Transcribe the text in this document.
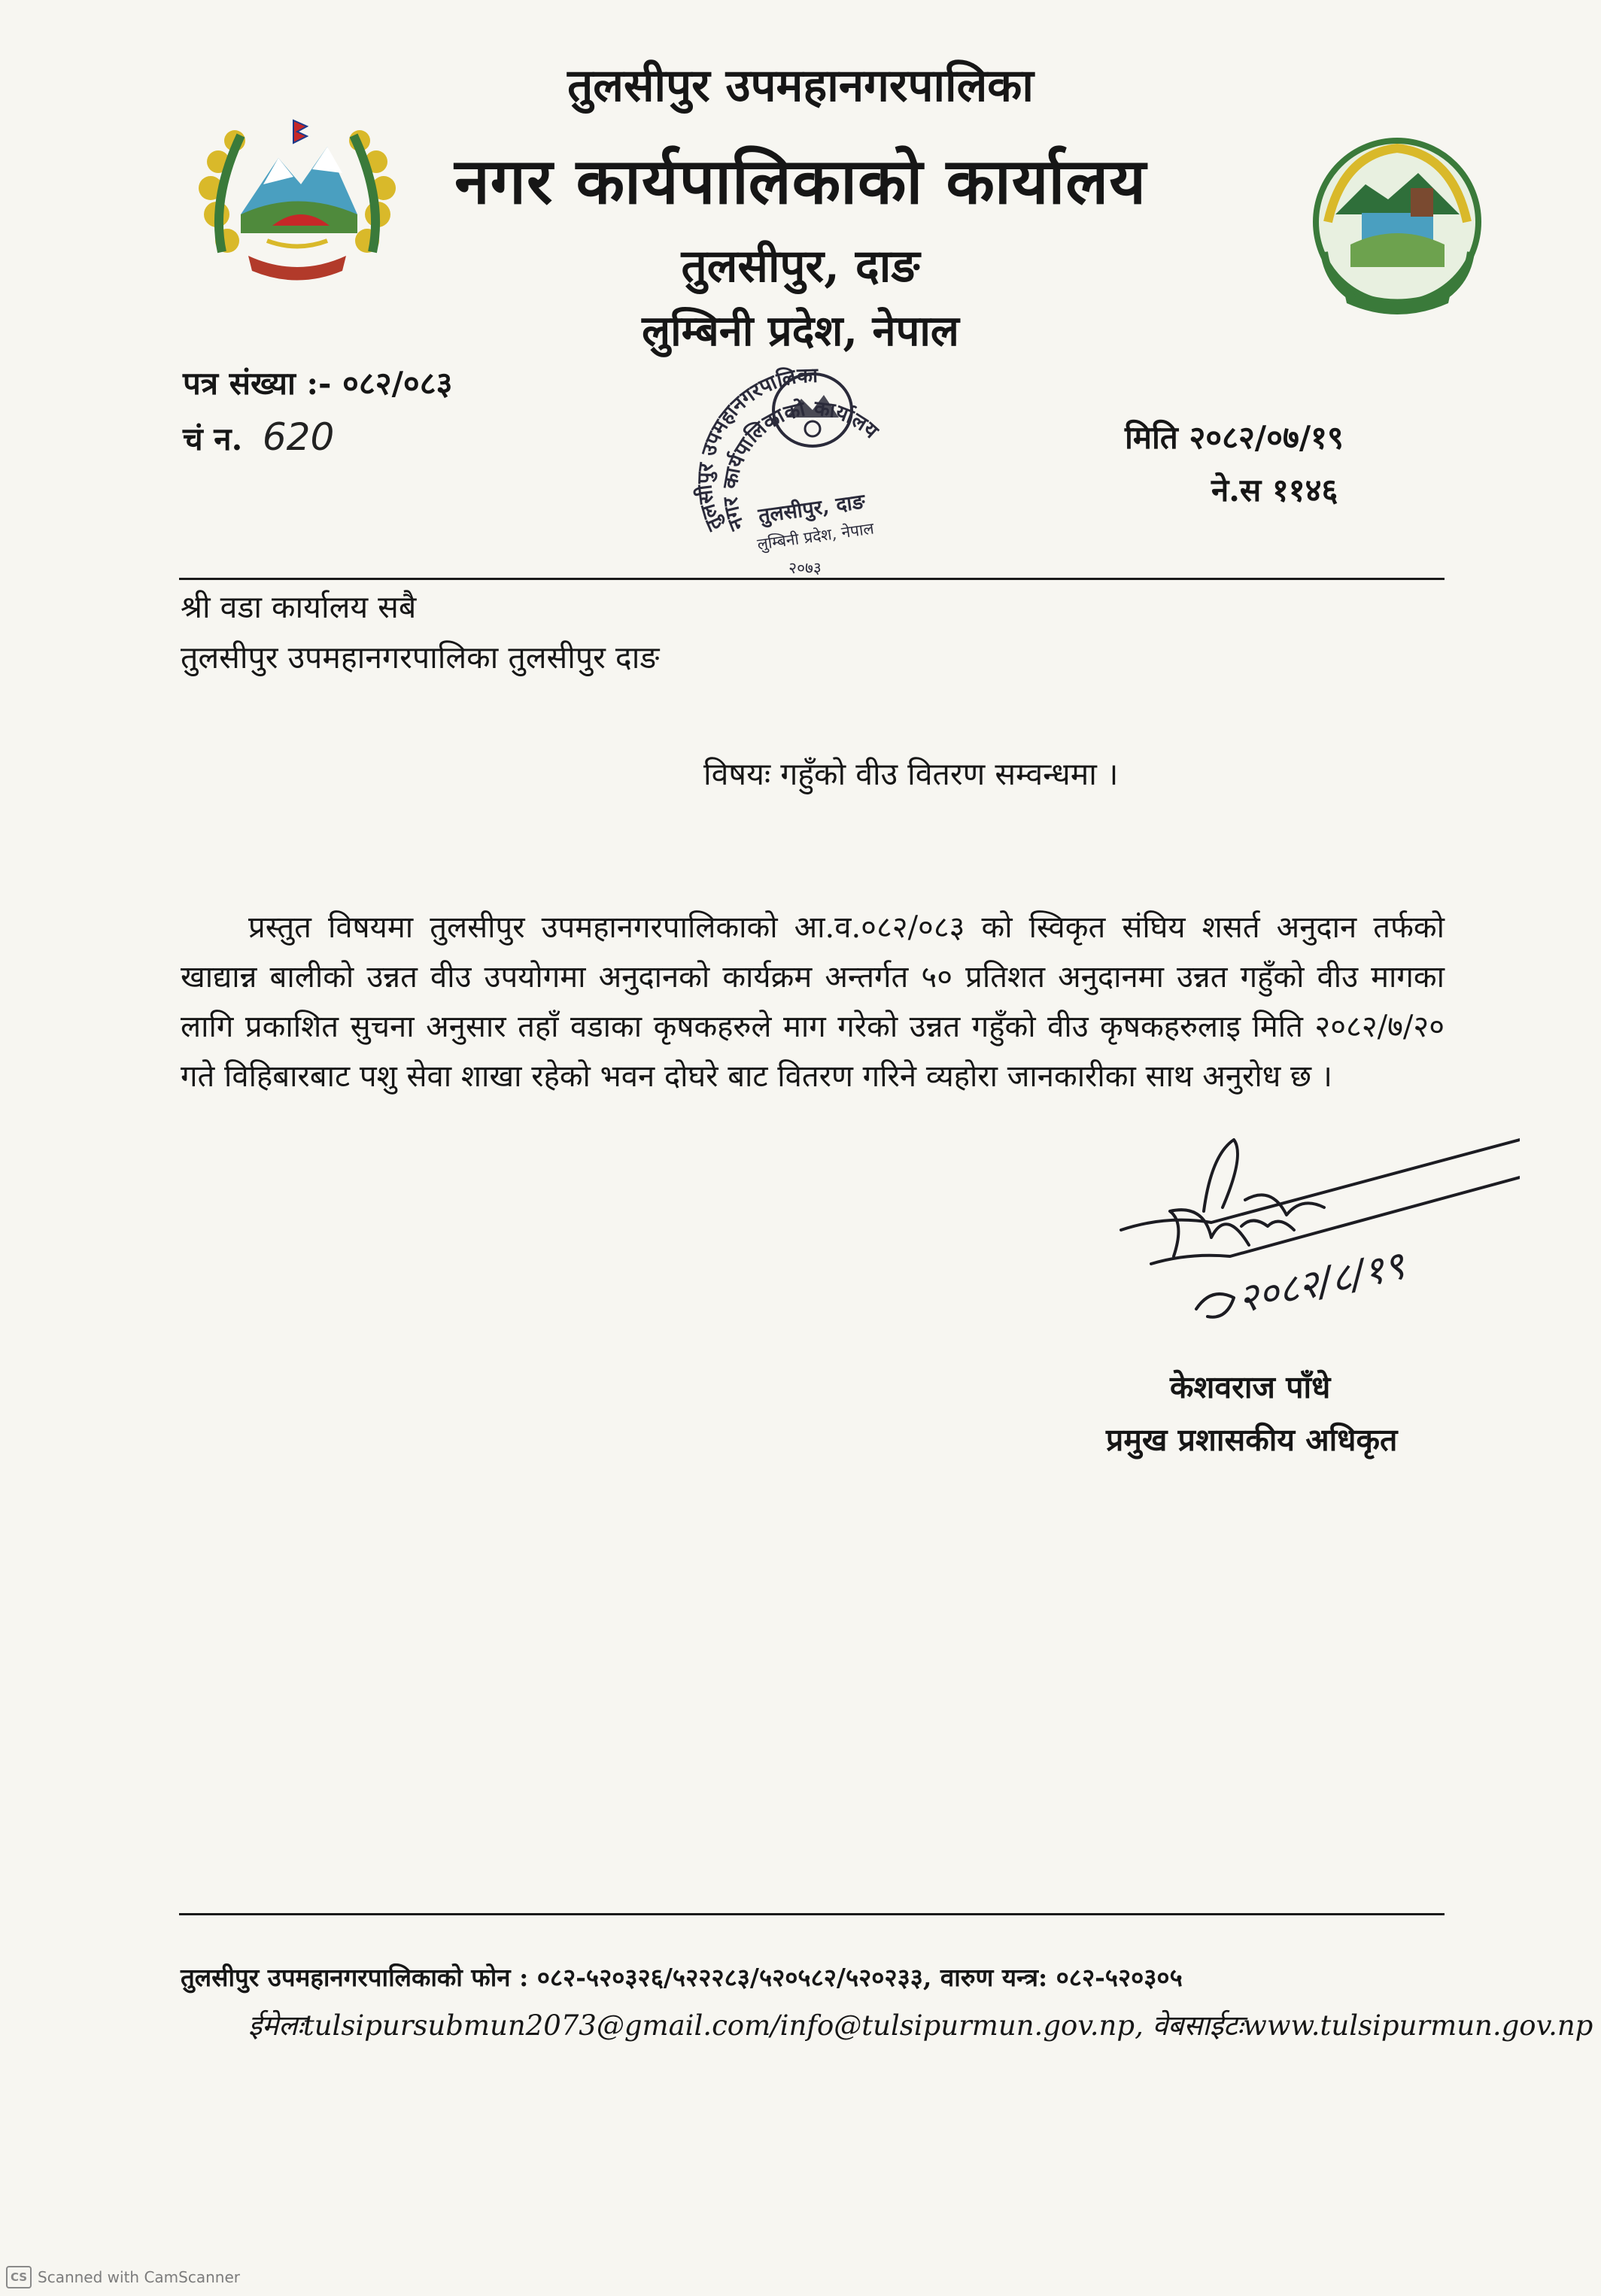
तुलसीपुर उपमहानगरपालिका
नगर कार्यपालिकाको कार्यालय
तुलसीपुर, दाङ
लुम्बिनी प्रदेश, नेपाल
पत्र संख्या :- ०८२/०८३
चं न. 620	मिति २०८२/०७/१९
ने.स ११४६
तुलसीपुर उपमहानगरपालिका
नगर कार्यपालिकाको कार्यालय
तुलसीपुर, दाङ
लुम्बिनी प्रदेश, नेपाल
२०७३
श्री वडा कार्यालय सबै
तुलसीपुर उपमहानगरपालिका तुलसीपुर दाङ
विषयः गहुँको वीउ वितरण सम्वन्धमा ।
प्रस्तुत विषयमा तुलसीपुर उपमहानगरपालिकाको आ.व.०८२/०८३ को स्विकृत संघिय शसर्त अनुदान तर्फको खाद्यान्न बालीको उन्नत वीउ उपयोगमा अनुदानको कार्यक्रम अन्तर्गत ५० प्रतिशत अनुदानमा उन्नत गहुँको वीउ मागका लागि प्रकाशित सुचना अनुसार तहाँ वडाका कृषकहरुले माग गरेको उन्नत गहुँको वीउ कृषकहरुलाइ मिति २०८२/७/२० गते विहिबारबाट पशु सेवा शाखा रहेको भवन दोघरे बाट वितरण गरिने व्यहोरा जानकारीका साथ अनुरोध छ ।
२०८२/८/१९
केशवराज पाँधे
प्रमुख प्रशासकीय अधिकृत
तुलसीपुर उपमहानगरपालिकाको फोन : ०८२-५२०३२६/५२२२८३/५२०५८२/५२०२३३, वारुण यन्त्र: ०८२-५२०३०५
ईमेलःtulsipursubmun2073@gmail.com/info@tulsipurmun.gov.np, वेबसाईटःwww.tulsipurmun.gov.np
CS Scanned with CamScanner
